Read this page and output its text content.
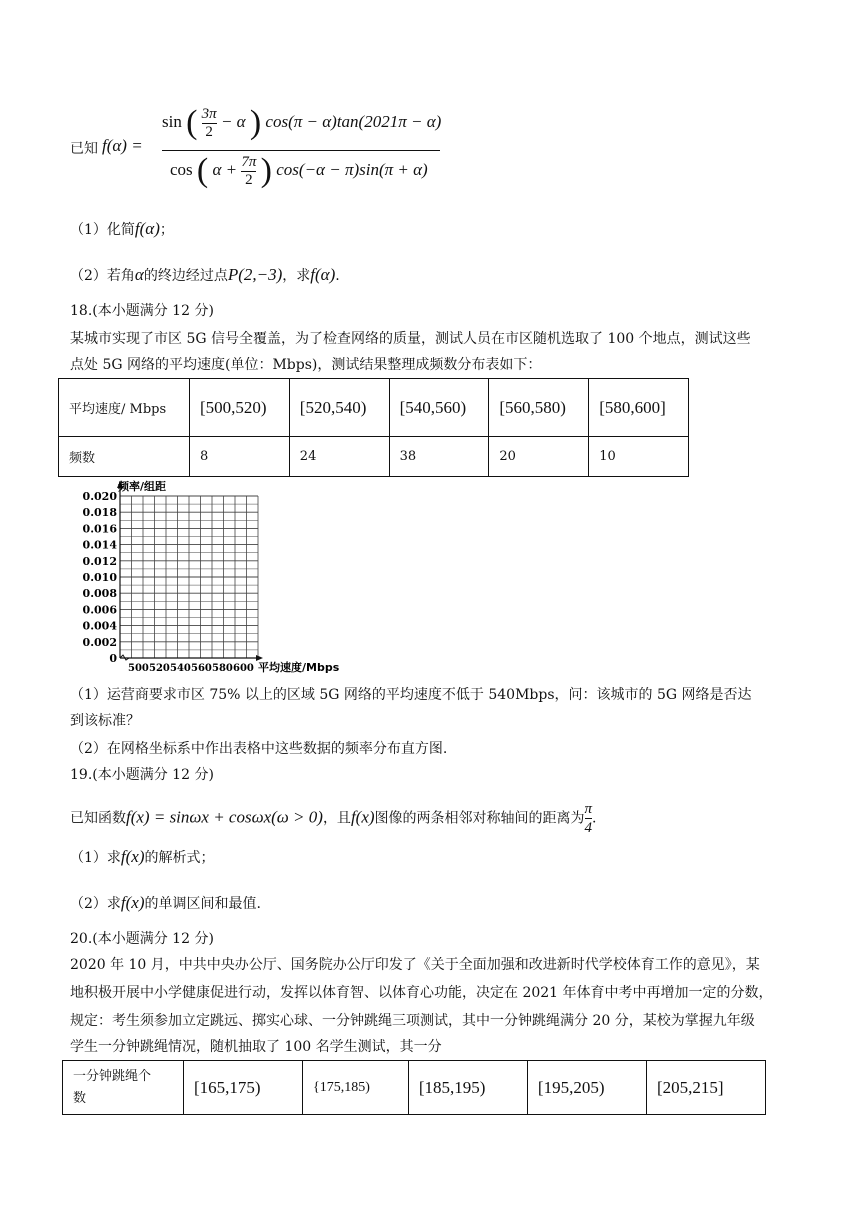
已知 f(α) =
sin ( $\frac{3\pi}{2} - \alpha$ ) cos(π − α)tan(2021π − α)
cos ( $\alpha + \frac{7\pi}{2}$ ) cos(−α − π)sin(π + α)
（1）化简f(α)；
（2）若角α的终边经过点P(2,−3)，求f(α).
18.(本小题满分 12 分)
某城市实现了市区 5G 信号全覆盖，为了检查网络的质量，测试人员在市区随机选取了 100 个地点，测试这些
点处 5G 网络的平均速度(单位：Mbps)，测试结果整理成频数分布表如下：
平均速度/ Mbps	[500,520)	[520,540)	[540,560)	[560,580)	[580,600]
频数	8	24	38	20	10
0.020
0.018
0.016
0.014
0.012
0.010
0.008
0.006
0.004
0.002
0
500 520 540 560 580 600
频率/组距
平均速度/Mbps
（1）运营商要求市区 75% 以上的区域 5G 网络的平均速度不低于 540Mbps，问：该城市的 5G 网络是否达
到该标准？
（2）在网格坐标系中作出表格中这些数据的频率分布直方图.
19.(本小题满分 12 分)
已知函数f(x) = sinωx + cosωx(ω > 0)，且f(x)图像的两条相邻对称轴间的距离为 $\frac{\pi}{4}$ .
（1）求f(x)的解析式；
（2）求f(x)的单调区间和最值.
20.(本小题满分 12 分)
2020 年 10 月，中共中央办公厅、国务院办公厅印发了《关于全面加强和改进新时代学校体育工作的意见》，某
地积极开展中小学健康促进行动，发挥以体育智、以体育心功能，决定在 2021 年体育中考中再增加一定的分数，
规定：考生须参加立定跳远、掷实心球、一分钟跳绳三项测试，其中一分钟跳绳满分 20 分，某校为掌握九年级
学生一分钟跳绳情况，随机抽取了 100 名学生测试，其一分
一分钟跳绳个
数
	[165,175)	{175,185)	[185,195)	[195,205)	[205,215]
